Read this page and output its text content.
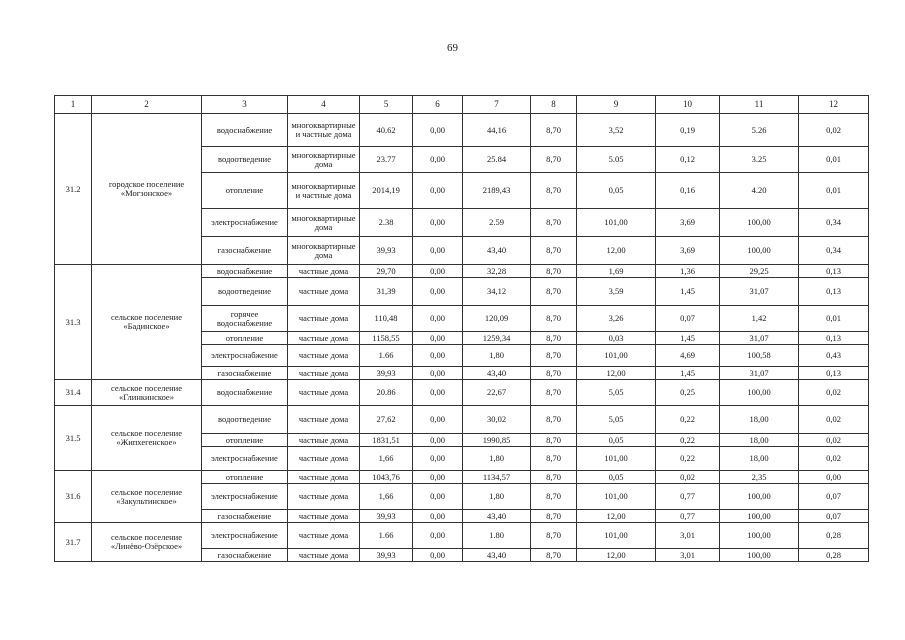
69
1	2	3	4	5	6	7	8	9	10	11	12
31.2	городское поселение «Могзонское»	водоснабжение	многоквартирные и частные дома	40.62	0,00	44,16	8,70	3,52	0,19	5.26	0,02
		водоотведение	многоквартирные дома	23.77	0,00	25.84	8,70	5.05	0,12	3.25	0,01
		отопление	многоквартирные и частные дома	2014,19	0,00	2189,43	8,70	0,05	0,16	4.20	0,01
		электроснабжение	многоквартирные дома	2.38	0,00	2.59	8,70	101,00	3,69	100,00	0,34
		газоснабжение	многоквартирные дома	39,93	0,00	43,40	8,70	12,00	3,69	100,00	0,34
31.3	сельское поселение «Бадинское»	водоснабжение	частные дома	29,70	0,00	32,28	8,70	1,69	1,36	29,25	0,13
		водоотведение	частные дома	31,39	0,00	34,12	8,70	3,59	1,45	31,07	0,13
		горячее водоснабжение	частные дома	110,48	0,00	120,09	8,70	3,26	0,07	1,42	0,01
		отопление	частные дома	1158,55	0,00	1259,34	8,70	0,03	1,45	31,07	0,13
		электроснабжение	частные дома	1.66	0,00	1,80	8,70	101,00	4,69	100,58	0,43
		газоснабжение	частные дома	39,93	0,00	43,40	8,70	12,00	1,45	31,07	0,13
31.4	сельское поселение «Глинкинское»	водоснабжение	частные дома	20.86	0,00	22,67	8,70	5,05	0,25	100,00	0,02
31.5	сельское поселение «Жипхегенское»	водоотведение	частные дома	27,62	0,00	30,02	8,70	5,05	0,22	18,00	0,02
		отопление	частные дома	1831,51	0,00	1990,85	8,70	0,05	0,22	18,00	0,02
		электроснабжение	частные дома	1,66	0,00	1,80	8,70	101,00	0,22	18,00	0,02
31.6	сельское поселение «Закультинское»	отопление	частные дома	1043,76	0,00	1134,57	8,70	0,05	0,02	2,35	0,00
		электроснабжение	частные дома	1,66	0,00	1,80	8,70	101,00	0,77	100,00	0,07
		газоснабжение	частные дома	39,93	0,00	43,40	8,70	12,00	0,77	100,00	0,07
31.7	сельское поселение «Линёво-Озёрское»	электроснабжение	частные дома	1.66	0,00	1.80	8,70	101,00	3,01	100,00	0,28
		газоснабжение	частные дома	39,93	0,00	43,40	8,70	12,00	3,01	100,00	0,28
